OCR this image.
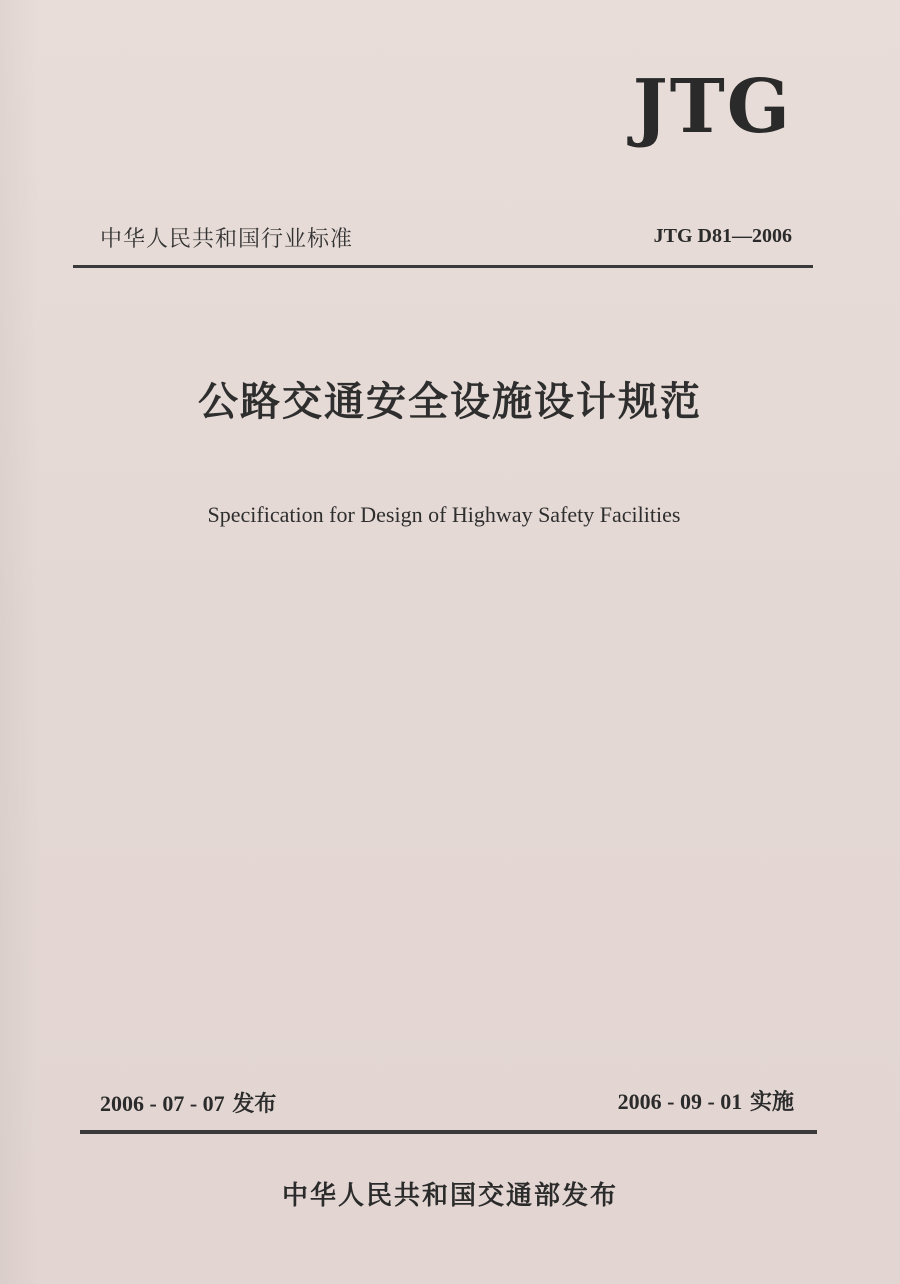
JTG
中华人民共和国行业标准	JTG D81—2006
公路交通安全设施设计规范
Specification for Design of Highway Safety Facilities
2006 - 07 - 07 发布	2006 - 09 - 01 实施
中华人民共和国交通部发布
